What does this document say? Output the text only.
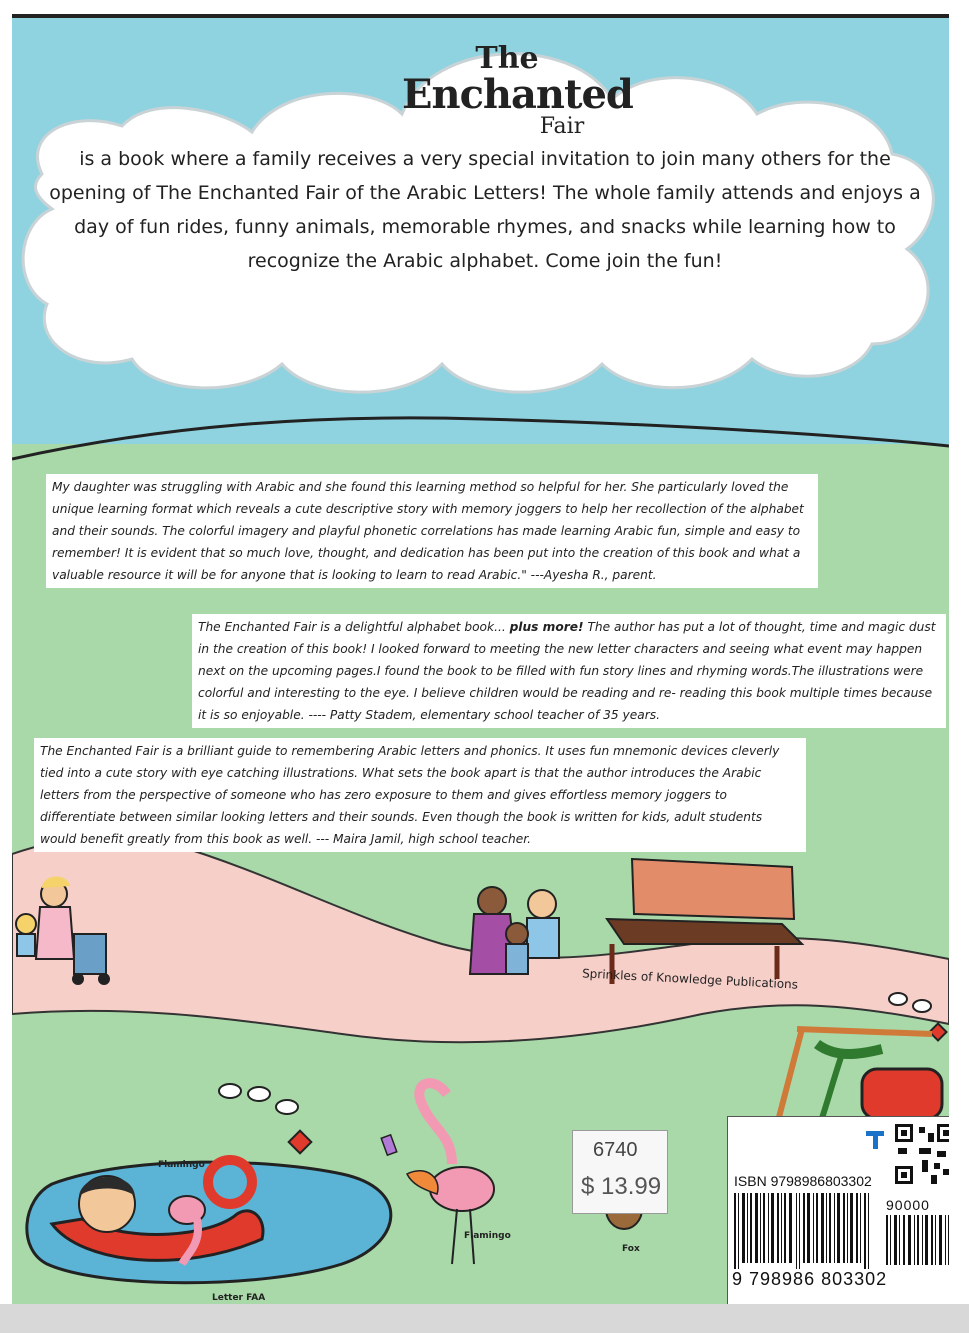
The
Enchanted
Fair
is a book where a family receives a very special invitation to join many others for the opening of The Enchanted Fair of the Arabic Letters! The whole family attends and enjoys a day of fun rides, funny animals, memorable rhymes, and snacks while learning how to recognize the Arabic alphabet. Come join the fun!
My daughter was struggling with Arabic and she found this learning method so helpful for her. She particularly loved the unique learning format which reveals a cute descriptive story with memory joggers to help her recollection of the alphabet and their sounds. The colorful imagery and playful phonetic correlations has made learning Arabic fun, simple and easy to remember! It is evident that so much love, thought, and dedication has been put into the creation of this book and what a valuable resource it will be for anyone that is looking to learn to read Arabic." ---Ayesha R., parent.
The Enchanted Fair is a delightful alphabet book... plus more! The author has put a lot of thought, time and magic dust in the creation of this book! I looked forward to meeting the new letter characters and seeing what event may happen next on the upcoming pages.I found the book to be filled with fun story lines and rhyming words.The illustrations were colorful and interesting to the eye. I believe children would be reading and re- reading this book multiple times because it is so enjoyable. ---- Patty Stadem, elementary school teacher of 35 years.
The Enchanted Fair is a brilliant guide to remembering Arabic letters and phonics. It uses fun mnemonic devices cleverly tied into a cute story with eye catching illustrations. What sets the book apart is that the author introduces the Arabic letters from the perspective of someone who has zero exposure to them and gives effortless memory joggers to differentiate between similar looking letters and their sounds. Even though the book is written for kids, adult students would benefit greatly from this book as well. --- Maira Jamil, high school teacher.
Sprinkles of Knowledge Publications
Flamingo
Flamingo
Fox
Letter FAA
6740
$ 13.99	ISBN 9798986803302
90000
9 798986 803302
